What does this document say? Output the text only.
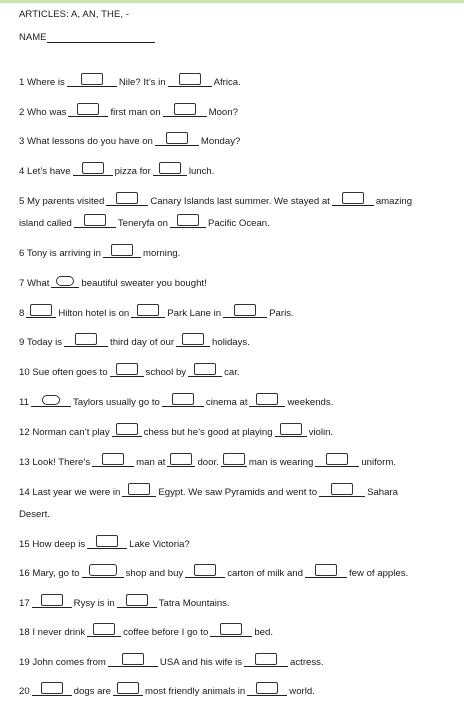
ARTICLES: A, AN, THE, -
NAME
1 Where is	Nile? It’s in	Africa.
2 Who was	first man on	Moon?
3 What lessons do you have on	Monday?
4 Let’s have	pizza for	lunch.
5 My parents visited	Canary Islands last summer. We stayed at	amazing
island called	Teneryfa on	Pacific Ocean.
6 Tony is arriving in	morning.
7 What	beautiful sweater you bought!
8	Hilton hotel is on	Park Lane in	Paris.
9 Today is	third day of our	holidays.
10 Sue often goes to	school by	car.
11	Taylors usually go to	cinema at	weekends.
12 Norman can’t play	chess but he’s good at playing	violin.
13 Look! There’s	man at	door.	man is wearing	uniform.
14 Last year we were in	Egypt. We saw Pyramids and went to	Sahara
Desert.
15 How deep is	Lake Victoria?
16 Mary, go to	shop and buy	carton of milk and	few of apples.
17	Rysy is in	Tatra Mountains.
18 I never drink	coffee before I go to	bed.
19 John comes from	USA and his wife is	actress.
20	dogs are	most friendly animals in	world.
